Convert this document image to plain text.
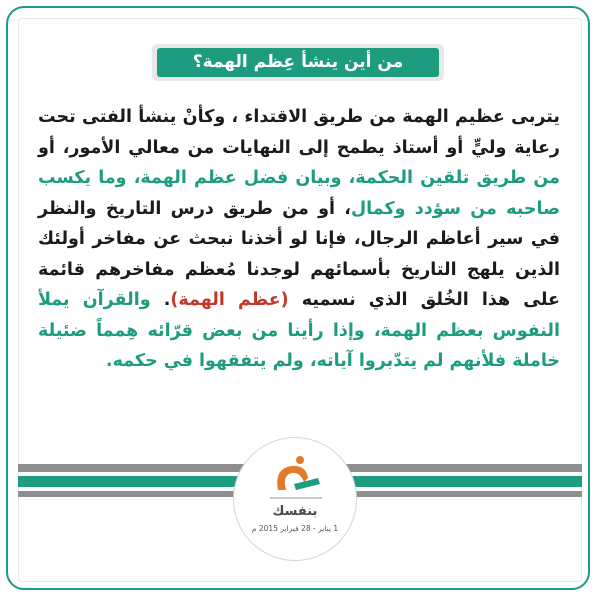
من أين ينشأ عِظم الهمة؟
يتربى عظيم الهمة من طريق الاقتداء ، وكأنْ ينشأ الفتى تحت رعاية وليٍّ أو أستاذ يطمح إلى النهايات من معالي الأمور، أو من طريق تلقين الحكمة، وبيان فضل عظم الهمة، وما يكسب صاحبه من سؤدد وكمال، أو من طريق درس التاريخ والنظر في سير أعاظم الرجال، فإنا لو أخذنا نبحث عن مفاخر أولئك الذين يلهج التاريخ بأسمائهم لوجدنا مُعظم مفاخرهم قائمة على هذا الخُلق الذي نسميه (عظم الهمة). والقرآن يملأ النفوس بعظم الهمة، وإذا رأينا من بعض قرّائه هِمماً ضئيلة خاملة فلأنهم لم يتدّبروا آياته، ولم يتفقهوا في حكمه.
بنفسك
1 يناير - 28 فبراير 2015 م
